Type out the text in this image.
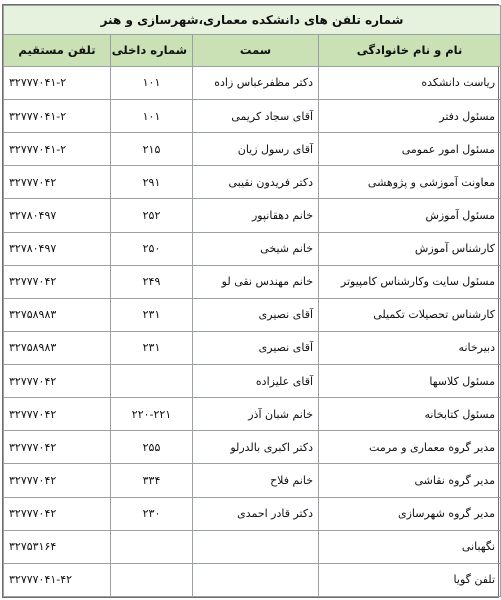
شماره تلفن های دانشکده معماری،شهرسازی و هنر			
نام و نام خانوادگی	سمت	شماره داخلی	تلفن مستقیم
ریاست دانشکده	دکتر مظفرعباس زاده	۱۰۱	۳۲۷۷۷۰۴۱-۲
مسئول دفتر	آقای سجاد کریمی	۱۰۱	۳۲۷۷۷۰۴۱-۲
مسئول امور عمومی	آقای رسول زیان	۲۱۵	۳۲۷۷۷۰۴۱-۲
معاونت آموزشی و پژوهشی	دکتر فریدون نقیبی	۲۹۱	۳۲۷۷۷۰۴۲
مسئول آموزش	خانم دهقانپور	۲۵۲	۳۲۷۸۰۴۹۷
کارشناس آموزش	خانم شیخی	۲۵۰	۳۲۷۸۰۴۹۷
مسئول سایت وکارشناس کامپیوتر	خانم مهندس نقی لو	۲۴۹	۳۲۷۷۷۰۴۲
کارشناس تحصیلات تکمیلی	آقای نصیری	۲۳۱	۳۲۷۵۸۹۸۳
دبیرخانه	آقای نصیری	۲۳۱	۳۲۷۵۸۹۸۳
مسئول کلاسها	آقای علیزاده		۳۲۷۷۷۰۴۲
مسئول کتابخانه	خانم شبان آذر	۲۲۰-۲۲۱	۳۲۷۷۷۰۴۲
مدیر گروه معماری و مرمت	دکتر اکبری بالدرلو	۲۵۵	۳۲۷۷۷۰۴۲
مدیر گروه نقاشی	خانم فلاح	۳۳۴	۳۲۷۷۷۰۴۲
مدیر گروه شهرسازی	دکتر قادر احمدی	۲۳۰	۳۲۷۷۷۰۴۲
نگهبانی			۳۲۷۵۳۱۶۴
تلفن گویا			۳۲۷۷۷۰۴۱-۴۲
